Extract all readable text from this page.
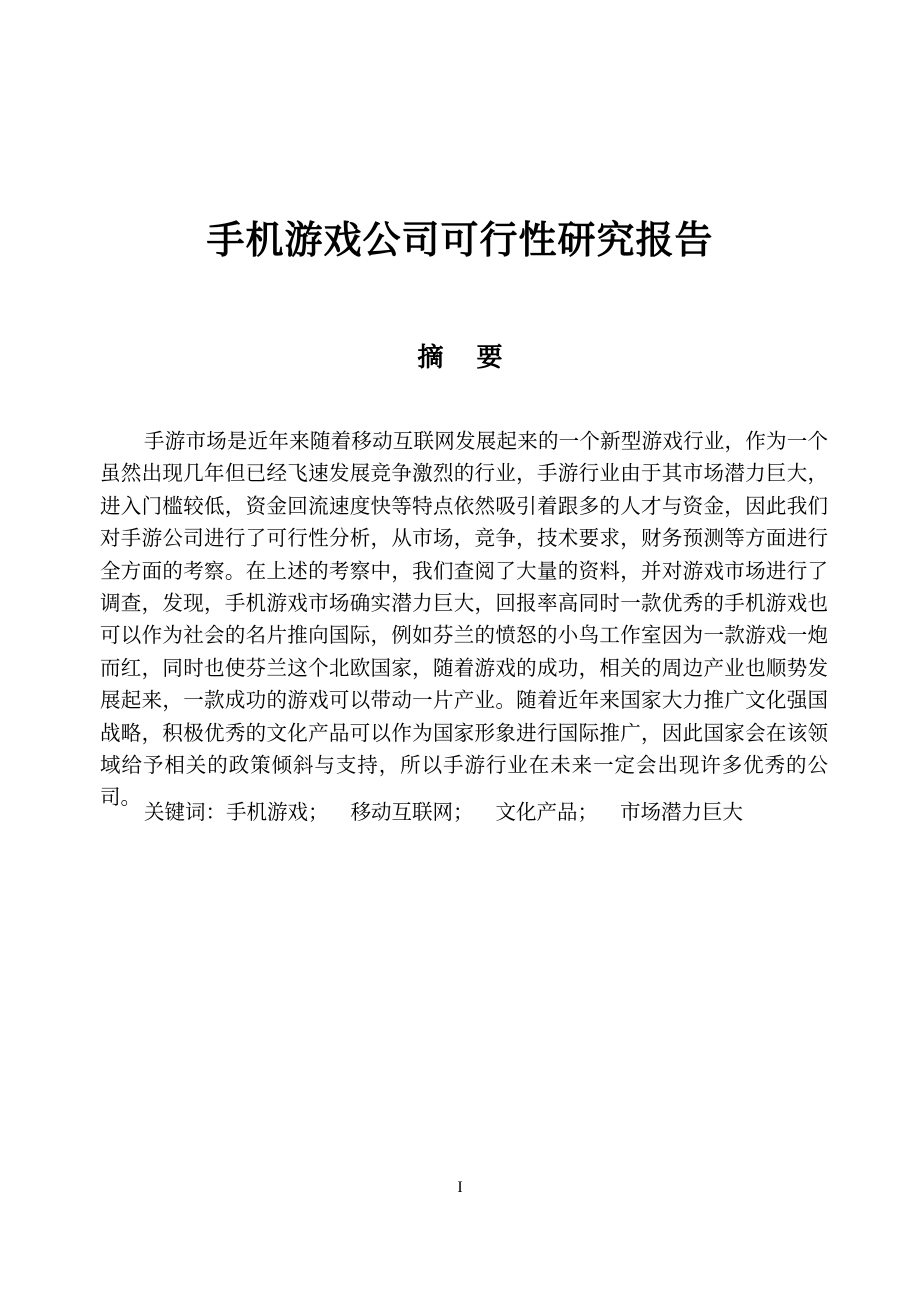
手机游戏公司可行性研究报告
摘 要

手游市场是近年来随着移动互联网发展起来的一个新型游戏行业，作为一个虽然出现几年但已经飞速发展竞争激烈的行业，手游行业由于其市场潜力巨大，进入门槛较低，资金回流速度快等特点依然吸引着跟多的人才与资金，因此我们对手游公司进行了可行性分析，从市场，竞争，技术要求，财务预测等方面进行全方面的考察。在上述的考察中，我们查阅了大量的资料，并对游戏市场进行了调查，发现，手机游戏市场确实潜力巨大，回报率高同时一款优秀的手机游戏也可以作为社会的名片推向国际，例如芬兰的愤怒的小鸟工作室因为一款游戏一炮而红，同时也使芬兰这个北欧国家，随着游戏的成功，相关的周边产业也顺势发展起来，一款成功的游戏可以带动一片产业。随着近年来国家大力推广文化强国战略，积极优秀的文化产品可以作为国家形象进行国际推广，因此国家会在该领域给予相关的政策倾斜与支持，所以手游行业在未来一定会出现许多优秀的公司。

关键词：手机游戏； 移动互联网； 文化产品； 市场潜力巨大
I
